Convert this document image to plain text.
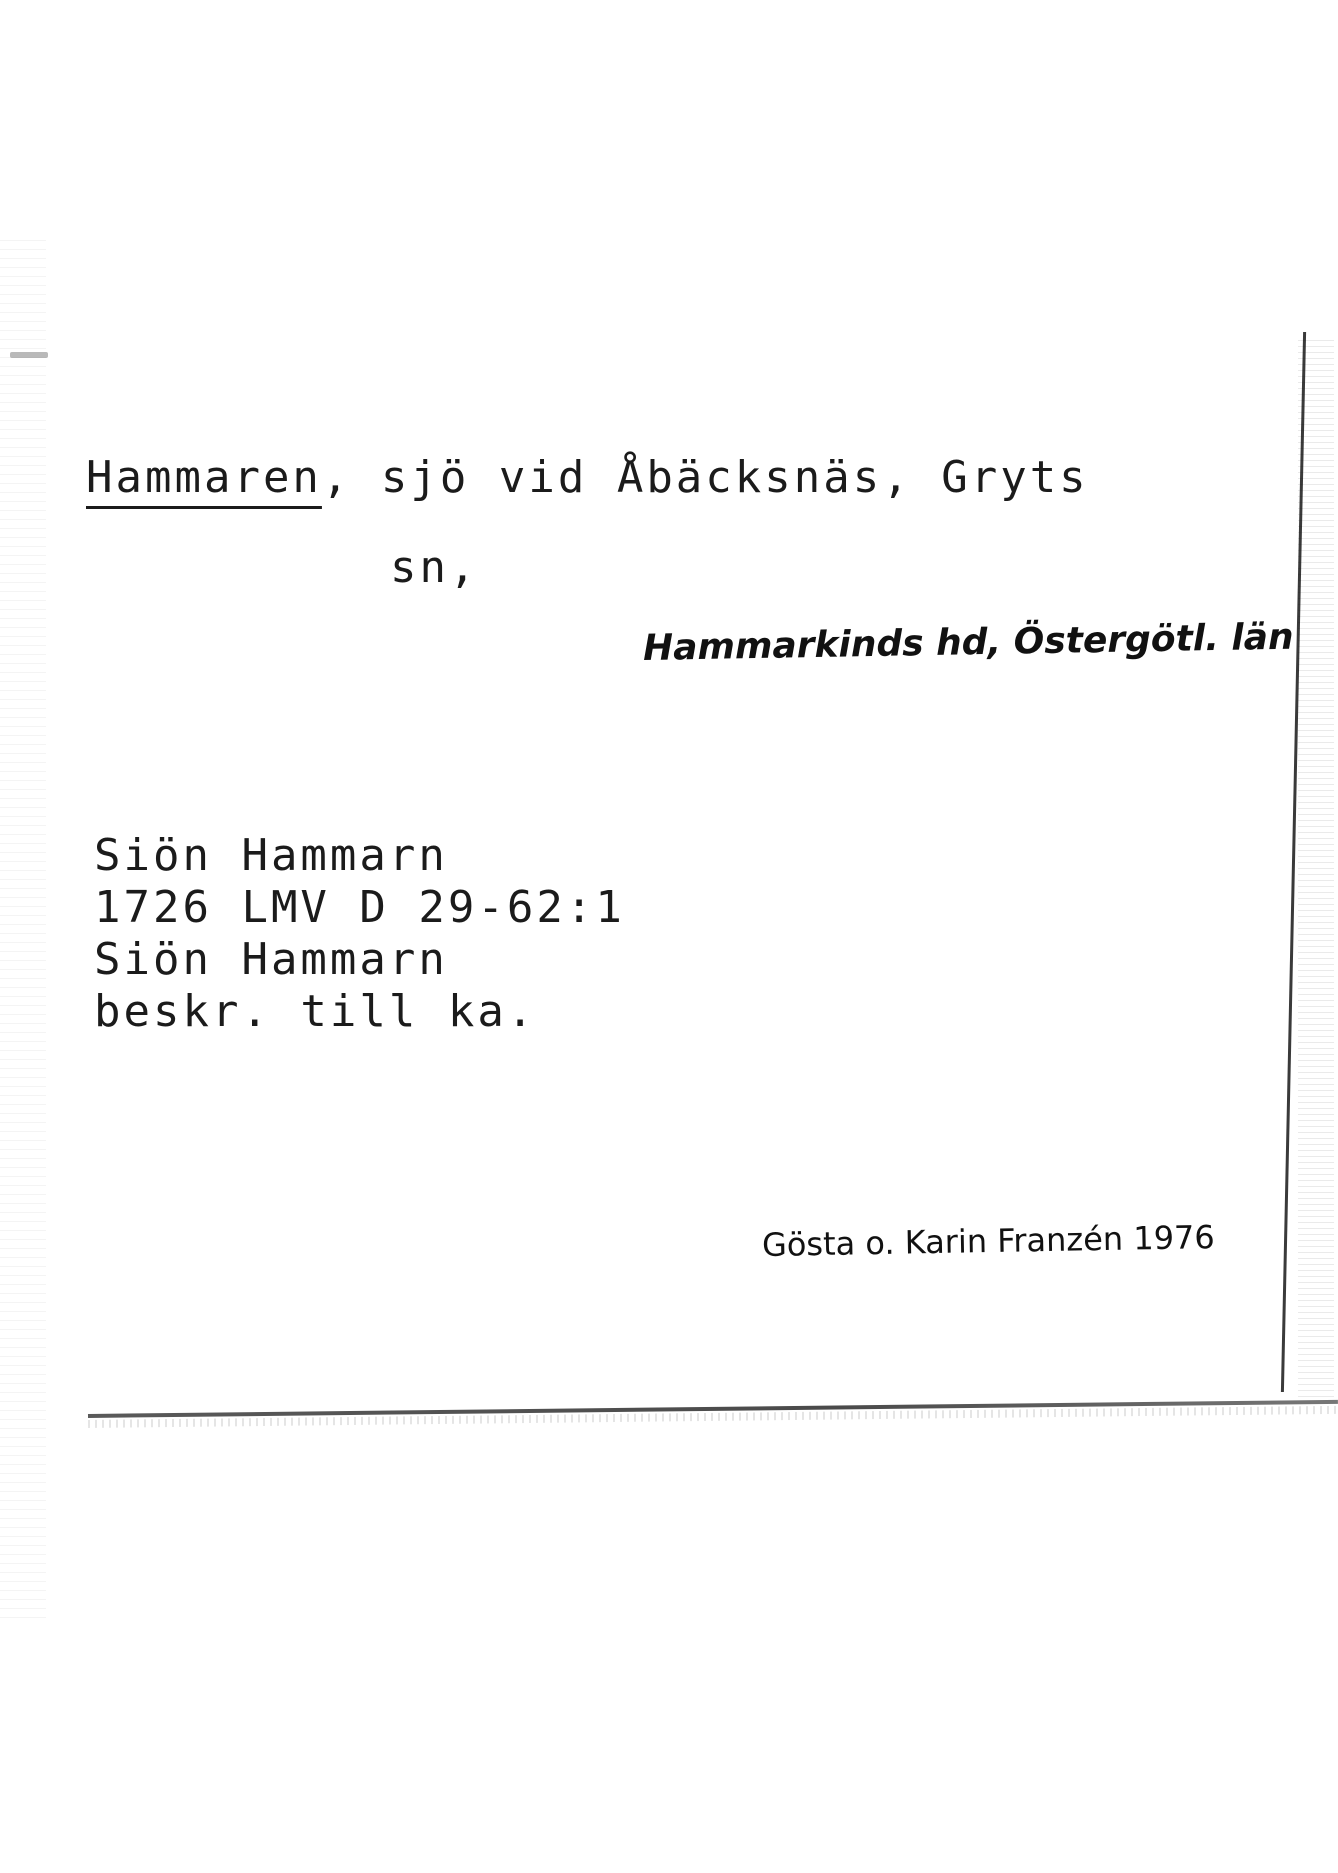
Hammaren, sjö vid Åbäcksnäs, Gryts
sn,
Hammarkinds hd, Östergötl. län
Siön Hammarn
1726 LMV D 29-62:1
Siön Hammarn
beskr. till ka.
Gösta o. Karin Franzén 1976
